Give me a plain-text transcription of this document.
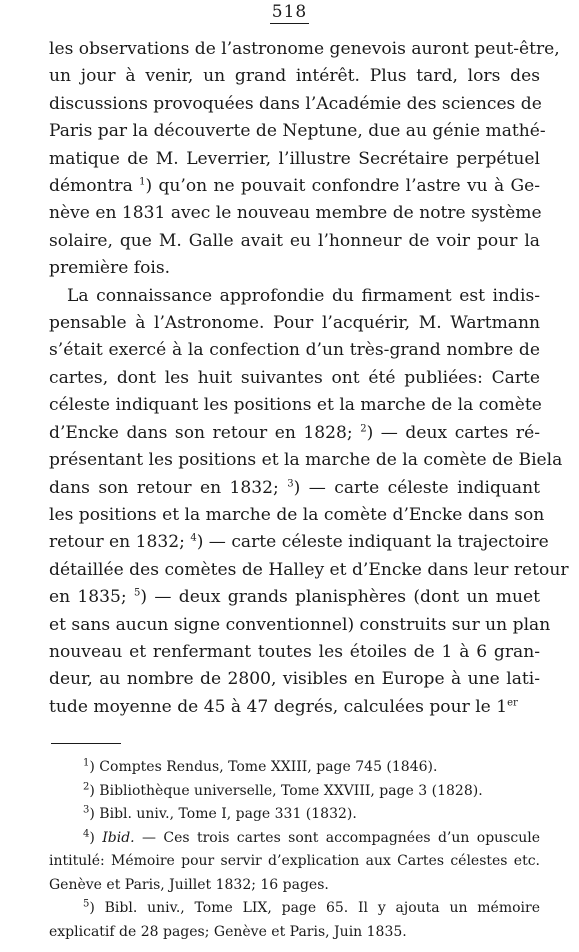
518
les observations de l’astronome genevois auront peut-être,
un jour à venir, un grand intérêt. Plus tard, lors des
discussions provoquées dans l’Académie des sciences de
Paris par la découverte de Neptune, due au génie mathé-
matique de M. Leverrier, l’illustre Secrétaire perpétuel
démontra $^1$) qu’on ne pouvait confondre l’astre vu à Ge-
nève en 1831 avec le nouveau membre de notre système
solaire, que M. Galle avait eu l’honneur de voir pour la
première fois.
La connaissance approfondie du firmament est indis-
pensable à l’Astronome. Pour l’acquérir, M. Wartmann
s’était exercé à la confection d’un très-grand nombre de
cartes, dont les huit suivantes ont été publiées: Carte
céleste indiquant les positions et la marche de la comète
d’Encke dans son retour en 1828; $^2$) — deux cartes ré-
présentant les positions et la marche de la comète de Biela
dans son retour en 1832; $^3$) — carte céleste indiquant
les positions et la marche de la comète d’Encke dans son
retour en 1832; $^4$) — carte céleste indiquant la trajectoire
détaillée des comètes de Halley et d’Encke dans leur retour
en 1835; $^5$) — deux grands planisphères (dont un muet
et sans aucun signe conventionnel) construits sur un plan
nouveau et renfermant toutes les étoiles de 1 à 6 gran-
deur, au nombre de 2800, visibles en Europe à une lati-
tude moyenne de 45 à 47 degrés, calculées pour le 1er
$^1$) Comptes Rendus, Tome XXIII, page 745 (1846).
$^2$) Bibliothèque universelle, Tome XXVIII, page 3 (1828).
$^3$) Bibl. univ., Tome I, page 331 (1832).
$^4$) Ibid. — Ces trois cartes sont accompagnées d’un opuscule
intitulé: Mémoire pour servir d’explication aux Cartes célestes etc.
Genève et Paris, Juillet 1832; 16 pages.
$^5$) Bibl. univ., Tome LIX, page 65. Il y ajouta un mémoire
explicatif de 28 pages; Genève et Paris, Juin 1835.
